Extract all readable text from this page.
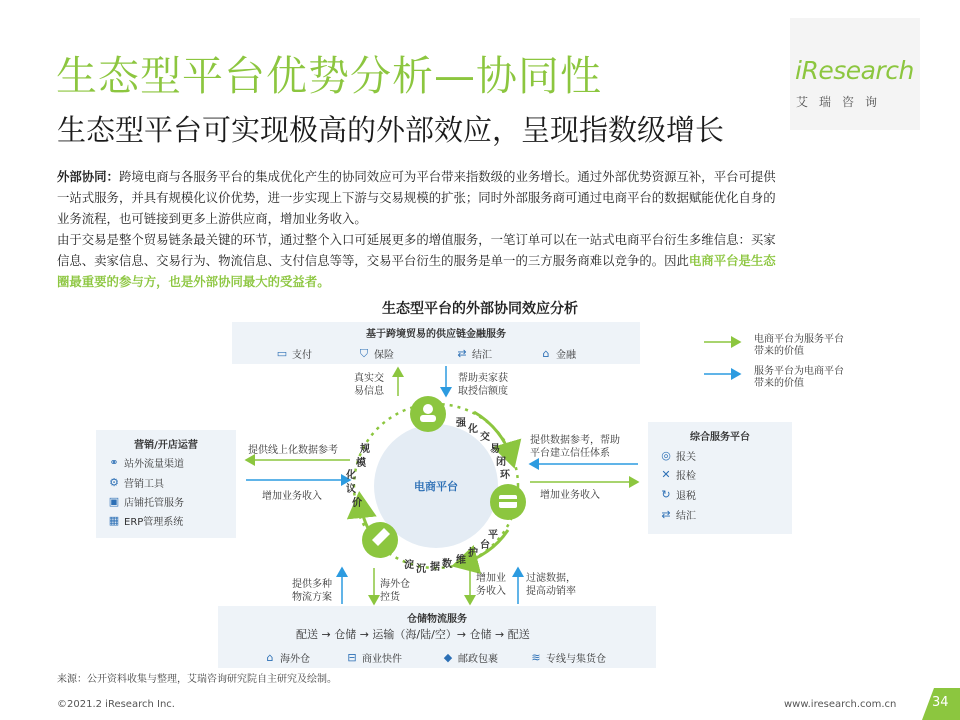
生态型平台优势分析—协同性
生态型平台可实现极高的外部效应，呈现指数级增长
iResearch
艾瑞咨询
外部协同：跨境电商与各服务平台的集成优化产生的协同效应可为平台带来指数级的业务增长。通过外部优势资源互补，平台可提供
一站式服务，并具有规模化议价优势，进一步实现上下游与交易规模的扩张；同时外部服务商可通过电商平台的数据赋能优化自身的
业务流程，也可链接到更多上游供应商，增加业务收入。
由于交易是整个贸易链条最关键的环节，通过整个入口可延展更多的增值服务，一笔订单可以在一站式电商平台衍生多维信息：买家
信息、卖家信息、交易行为、物流信息、支付信息等等，交易平台衍生的服务是单一的三方服务商难以竞争的。因此电商平台是生态
圈最重要的参与方，也是外部协同最大的受益者。
生态型平台的外部协同效应分析
基于跨境贸易的供应链金融服务
▭ 支付	⛉ 保险	⇄ 结汇	⌂ 金融
营销/开店运营
⚭ 站外流量渠道
⚙ 营销工具
▣ 店铺托管服务
▦ ERP管理系统
综合服务平台
◎ 报关
✕ 报检
↻ 退税
⇄ 结汇
仓储物流服务
配送 → 仓储 → 运输（海/陆/空）→ 仓储 → 配送
⌂ 海外仓	⊟ 商业快件	◆ 邮政包裹	≋ 专线与集货仓
电商平台为服务平台
带来的价值
服务平台为电商平台
带来的价值
电商平台
强
化
交
易
闭
环
规
模
化
议
价
沉
淀	数
据
维
护
平
台
真实交
易信息
帮助卖家获
取授信额度
提供线上化数据参考
增加业务收入
提供数据参考，帮助
平台建立信任体系
增加业务收入
提供多种
物流方案
海外仓
控货
增加业
务收入
过滤数据，
提高动销率
来源：公开资料收集与整理，艾瑞咨询研究院自主研究及绘制。
©2021.2 iResearch Inc.	www.iresearch.com.cn	34
